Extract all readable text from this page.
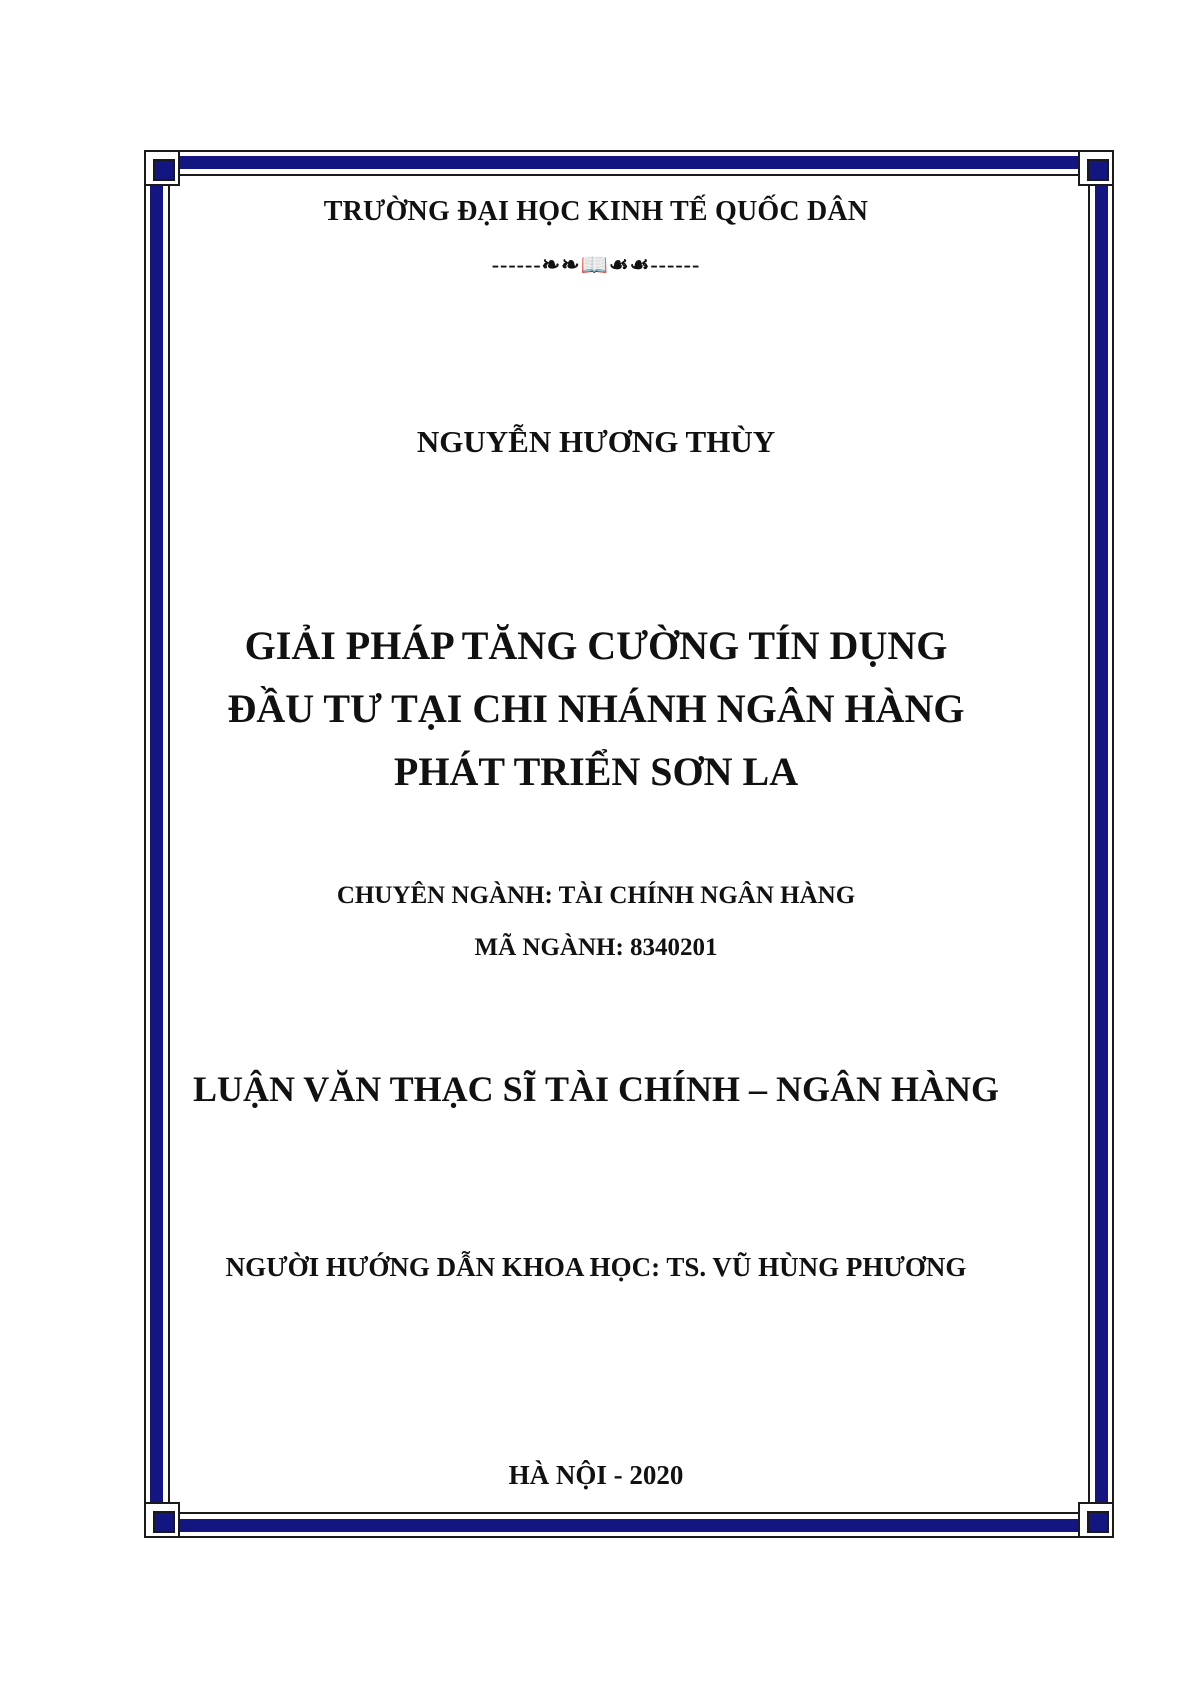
TRƯỜNG ĐẠI HỌC KINH TẾ QUỐC DÂN

------❧❧📖☙☙------

NGUYỄN HƯƠNG THÙY

GIẢI PHÁP TĂNG CƯỜNG TÍN DỤNG
ĐẦU TƯ TẠI CHI NHÁNH NGÂN HÀNG
PHÁT TRIỂN SƠN LA

CHUYÊN NGÀNH: TÀI CHÍNH NGÂN HÀNG

MÃ NGÀNH: 8340201

LUẬN VĂN THẠC SĨ TÀI CHÍNH – NGÂN HÀNG

NGƯỜI HƯỚNG DẪN KHOA HỌC: TS. VŨ HÙNG PHƯƠNG

HÀ NỘI - 2020
